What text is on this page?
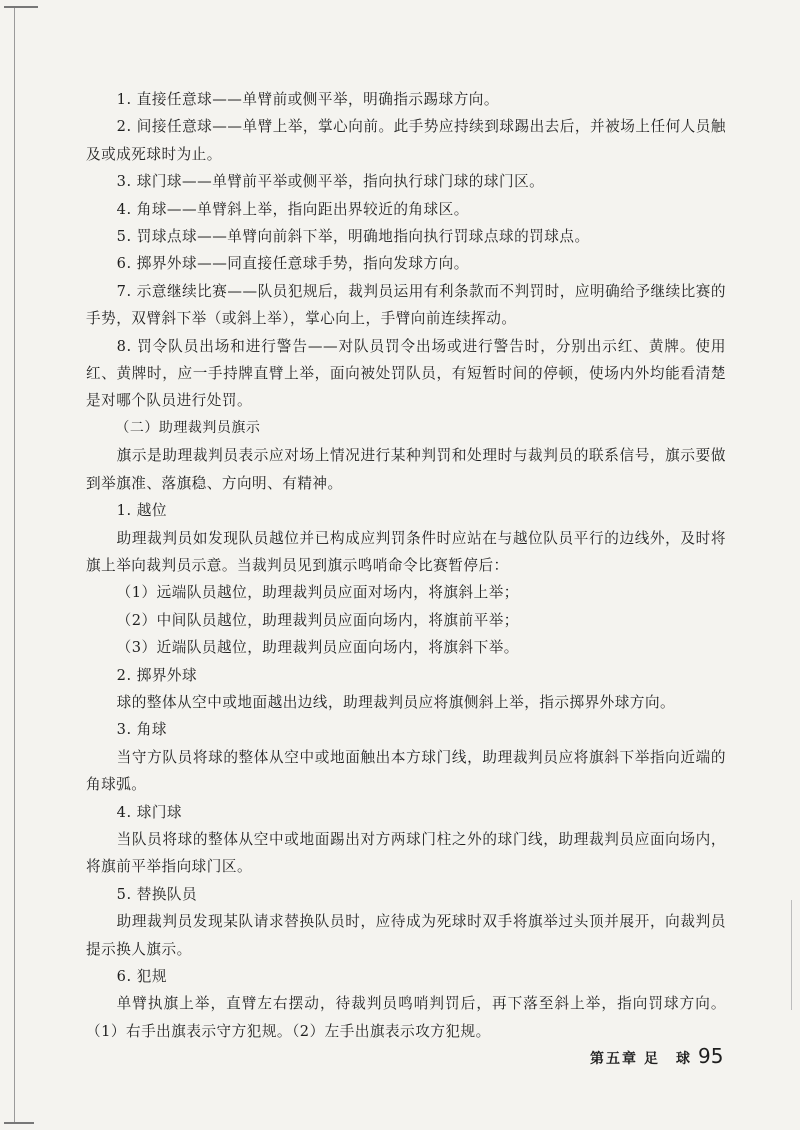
1. 直接任意球——单臂前或侧平举，明确指示踢球方向。

2. 间接任意球——单臂上举，掌心向前。此手势应持续到球踢出去后，并被场上任何人员触及或成死球时为止。

3. 球门球——单臂前平举或侧平举，指向执行球门球的球门区。

4. 角球——单臂斜上举，指向距出界较近的角球区。

5. 罚球点球——单臂向前斜下举，明确地指向执行罚球点球的罚球点。

6. 掷界外球——同直接任意球手势，指向发球方向。

7. 示意继续比赛——队员犯规后，裁判员运用有利条款而不判罚时，应明确给予继续比赛的手势，双臂斜下举（或斜上举），掌心向上，手臂向前连续挥动。

8. 罚令队员出场和进行警告——对队员罚令出场或进行警告时，分别出示红、黄牌。使用红、黄牌时，应一手持牌直臂上举，面向被处罚队员，有短暂时间的停顿，使场内外均能看清楚是对哪个队员进行处罚。

（二）助理裁判员旗示

旗示是助理裁判员表示应对场上情况进行某种判罚和处理时与裁判员的联系信号，旗示要做到举旗准、落旗稳、方向明、有精神。

1. 越位

助理裁判员如发现队员越位并已构成应判罚条件时应站在与越位队员平行的边线外，及时将旗上举向裁判员示意。当裁判员见到旗示鸣哨命令比赛暂停后：

（1）远端队员越位，助理裁判员应面对场内，将旗斜上举；

（2）中间队员越位，助理裁判员应面向场内，将旗前平举；

（3）近端队员越位，助理裁判员应面向场内，将旗斜下举。

2. 掷界外球

球的整体从空中或地面越出边线，助理裁判员应将旗侧斜上举，指示掷界外球方向。

3. 角球

当守方队员将球的整体从空中或地面触出本方球门线，助理裁判员应将旗斜下举指向近端的角球弧。

4. 球门球

当队员将球的整体从空中或地面踢出对方两球门柱之外的球门线，助理裁判员应面向场内，将旗前平举指向球门区。

5. 替换队员

助理裁判员发现某队请求替换队员时，应待成为死球时双手将旗举过头顶并展开，向裁判员提示换人旗示。

6. 犯规

单臂执旗上举，直臂左右摆动，待裁判员鸣哨判罚后，再下落至斜上举，指向罚球方向。（1）右手出旗表示守方犯规。（2）左手出旗表示攻方犯规。

第五章 足　球 95
